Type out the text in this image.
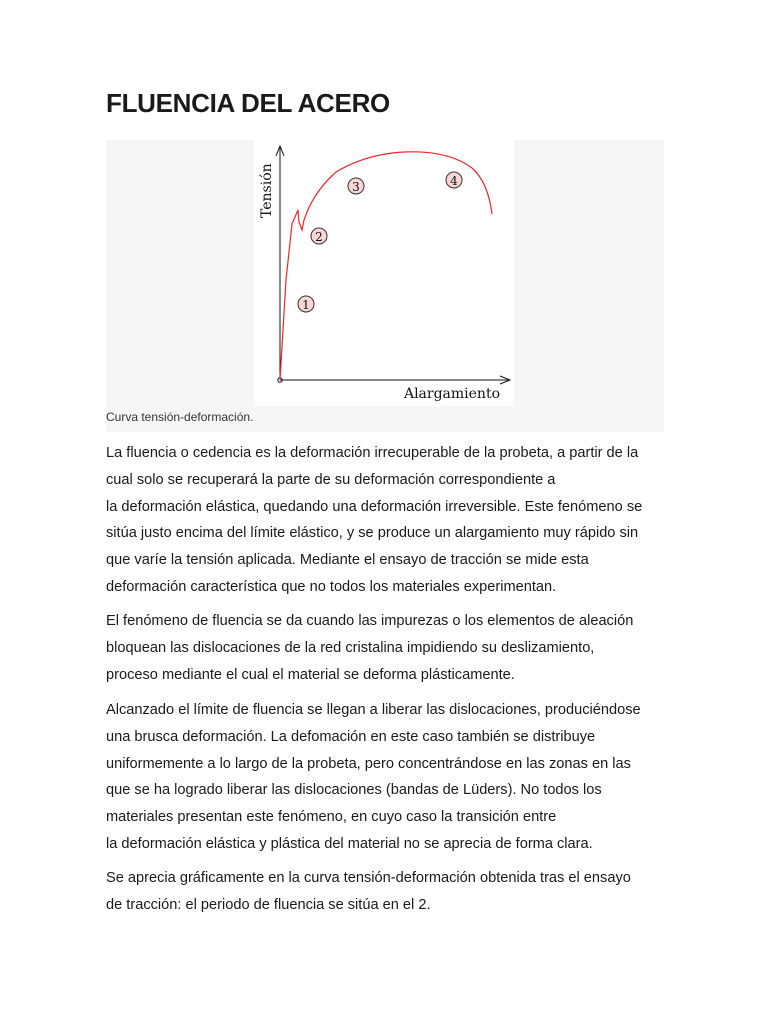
FLUENCIA DEL ACERO
1
2
3	4
Tensión
Alargamiento
Curva tensión-deformación.

La fluencia o cedencia es la deformación irrecuperable de la probeta, a partir de la
cual solo se recuperará la parte de su deformación correspondiente a
la deformación elástica, quedando una deformación irreversible. Este fenómeno se
sitúa justo encima del límite elástico, y se produce un alargamiento muy rápido sin
que varíe la tensión aplicada. Mediante el ensayo de tracción se mide esta
deformación característica que no todos los materiales experimentan.

El fenómeno de fluencia se da cuando las impurezas o los elementos de aleación
bloquean las dislocaciones de la red cristalina impidiendo su deslizamiento,
proceso mediante el cual el material se deforma plásticamente.

Alcanzado el límite de fluencia se llegan a liberar las dislocaciones, produciéndose
una brusca deformación. La defomación en este caso también se distribuye
uniformemente a lo largo de la probeta, pero concentrándose en las zonas en las
que se ha logrado liberar las dislocaciones (bandas de Lüders). No todos los
materiales presentan este fenómeno, en cuyo caso la transición entre
la deformación elástica y plástica del material no se aprecia de forma clara.

Se aprecia gráficamente en la curva tensión-deformación obtenida tras el ensayo
de tracción: el periodo de fluencia se sitúa en el 2.
